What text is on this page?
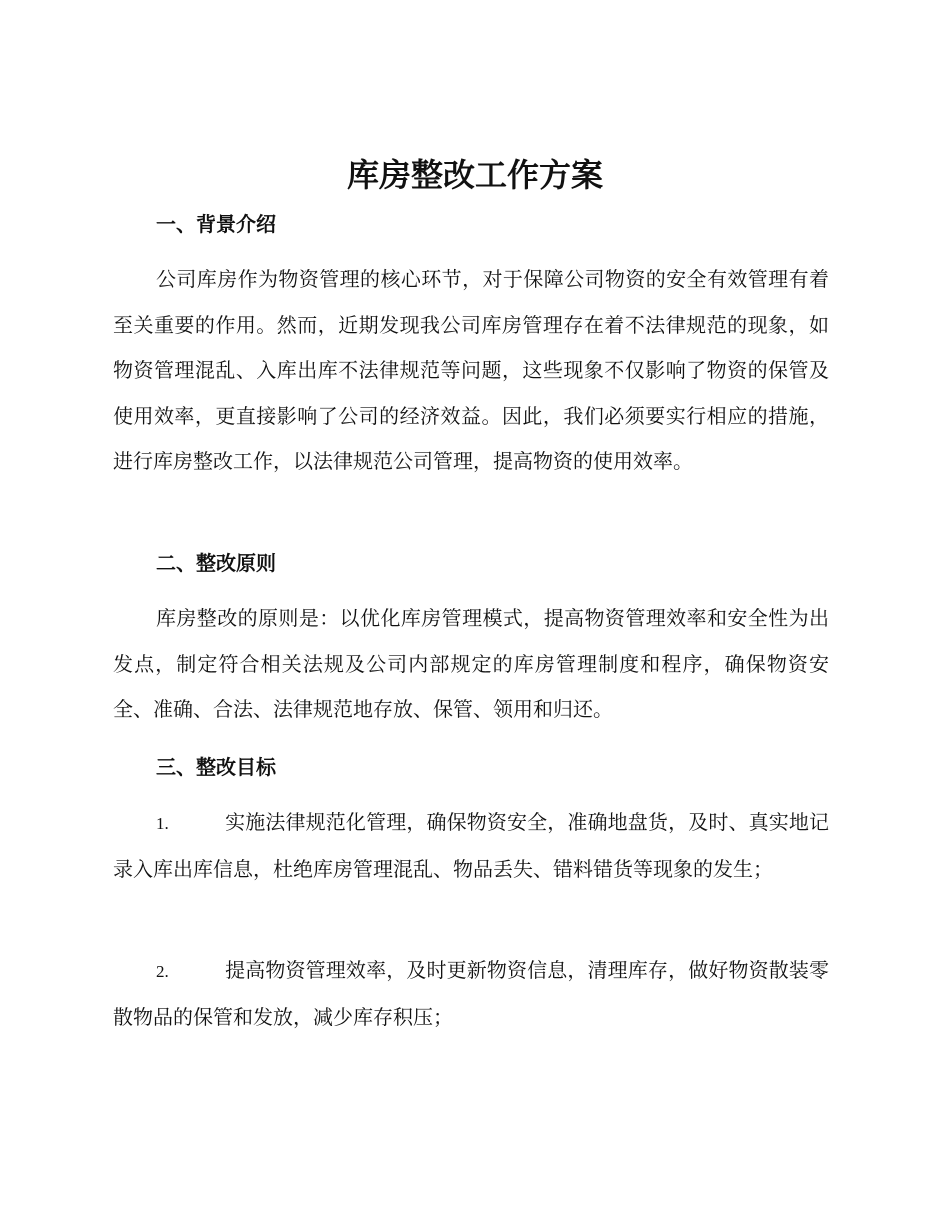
库房整改工作方案
一、背景介绍
公司库房作为物资管理的核心环节，对于保障公司物资的安全有效管理有着至关重要的作用。然而，近期发现我公司库房管理存在着不法律规范的现象，如物资管理混乱、入库出库不法律规范等问题，这些现象不仅影响了物资的保管及使用效率，更直接影响了公司的经济效益。因此，我们必须要实行相应的措施，进行库房整改工作，以法律规范公司管理，提高物资的使用效率。
二、整改原则
库房整改的原则是：以优化库房管理模式，提高物资管理效率和安全性为出发点，制定符合相关法规及公司内部规定的库房管理制度和程序，确保物资安全、准确、合法、法律规范地存放、保管、领用和归还。
三、整改目标
1.	实施法律规范化管理，确保物资安全，准确地盘货，及时、真实地记录入库出库信息，杜绝库房管理混乱、物品丢失、错料错货等现象的发生；
2.	提高物资管理效率，及时更新物资信息，清理库存，做好物资散装零散物品的保管和发放，减少库存积压；
